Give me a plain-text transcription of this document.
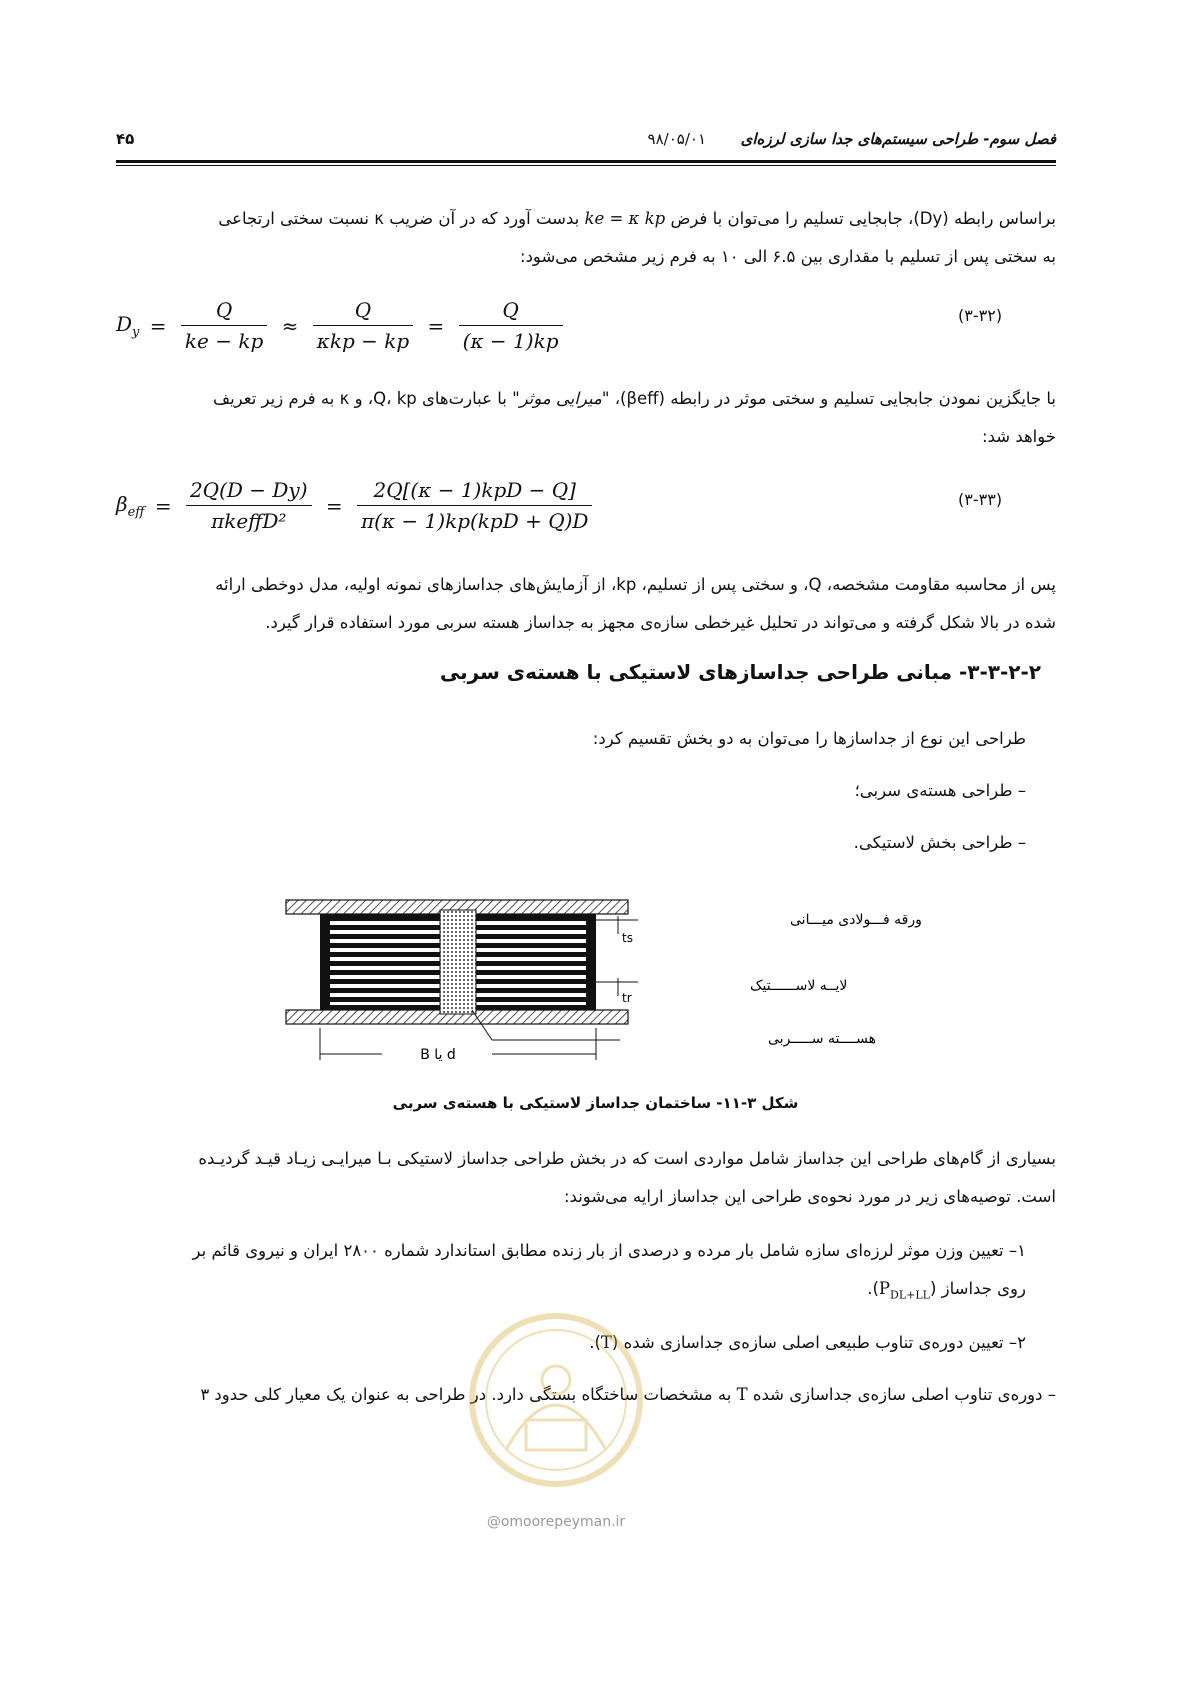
فصل سوم- طراحی سیستم‌های جدا سازی لرزه‌ای
۹۸/۰۵/۰۱
۴۵
براساس رابطه (Dy)، جابجایی تسلیم را می‌توان با فرض ke = κ kp بدست آورد که در آن ضریب κ نسبت سختی ارتجاعی
به سختی پس از تسلیم با مقداری بین ۶.۵ الی ۱۰ به فرم زیر مشخص می‌شود:
$D_y = \frac{Q}{ke - kp} \approx \frac{Q}{\text{κkp − kp}} = \frac{Q}{(\kappa - 1)kp}$	(۳-۳۲)
با جایگزین نمودن جابجایی تسلیم و سختی موثر در رابطه (βeff)، "میرایی موثر" با عبارت‌های Q، kp، و κ به فرم زیر تعریف
خواهد شد:
$\beta_{eff} = \frac{2Q(D - Dy)}{\text{πkeffD²}} = \frac{\text{2Q[(κ − 1)kpD − Q]}}{\text{π(κ − 1)kp(kpD + Q)D}}$	(۳-۳۳)
پس از محاسبه مقاومت مشخصه، Q، و سختی پس از تسلیم، kp، از آزمایش‌های جداسازهای نمونه اولیه، مدل دوخطی ارائه
شده در بالا شکل گرفته و می‌تواند در تحلیل غیرخطی سازه‌ی مجهز به جداساز هسته سربی مورد استفاده قرار گیرد.
۳-۳-۲-۲- مبانی طراحی جداسازهای لاستیکی با هسته‌ی سربی
طراحی این نوع از جداسازها را می‌توان به دو بخش تقسیم کرد:
– طراحی هسته‌ی سربی؛
– طراحی بخش لاستیکی.
ورقه فـــولادی میـــانی
لایــه لاســــــتیک
هســــته ســـــربی
ts
tr
d یا B
شکل ۳-۱۱- ساختمان جداساز لاستیکی با هسته‌ی سربی
بسیاری از گام‌های طراحی این جداساز شامل مواردی است که در بخش طراحی جداساز لاستیکی بـا میرایـی زیـاد قیـد گردیـده
است. توصیه‌های زیر در مورد نحوه‌ی طراحی این جداساز ارایه می‌شوند:
۱– تعیین وزن موثر لرزه‌ای سازه شامل بار مرده و درصدی از بار زنده مطابق استاندارد شماره ۲۸۰۰ ایران و نیروی قائم بر
روی جداساز $(P_{DL+LL})$.
۲– تعیین دوره‌ی تناوب طبیعی اصلی سازه‌ی جداسازی شده (T).
– دوره‌ی تناوب اصلی سازه‌ی جداسازی شده T به مشخصات ساختگاه بستگی دارد. در طراحی به عنوان یک معیار کلی حدود ۳
@omoorepeyman.ir
